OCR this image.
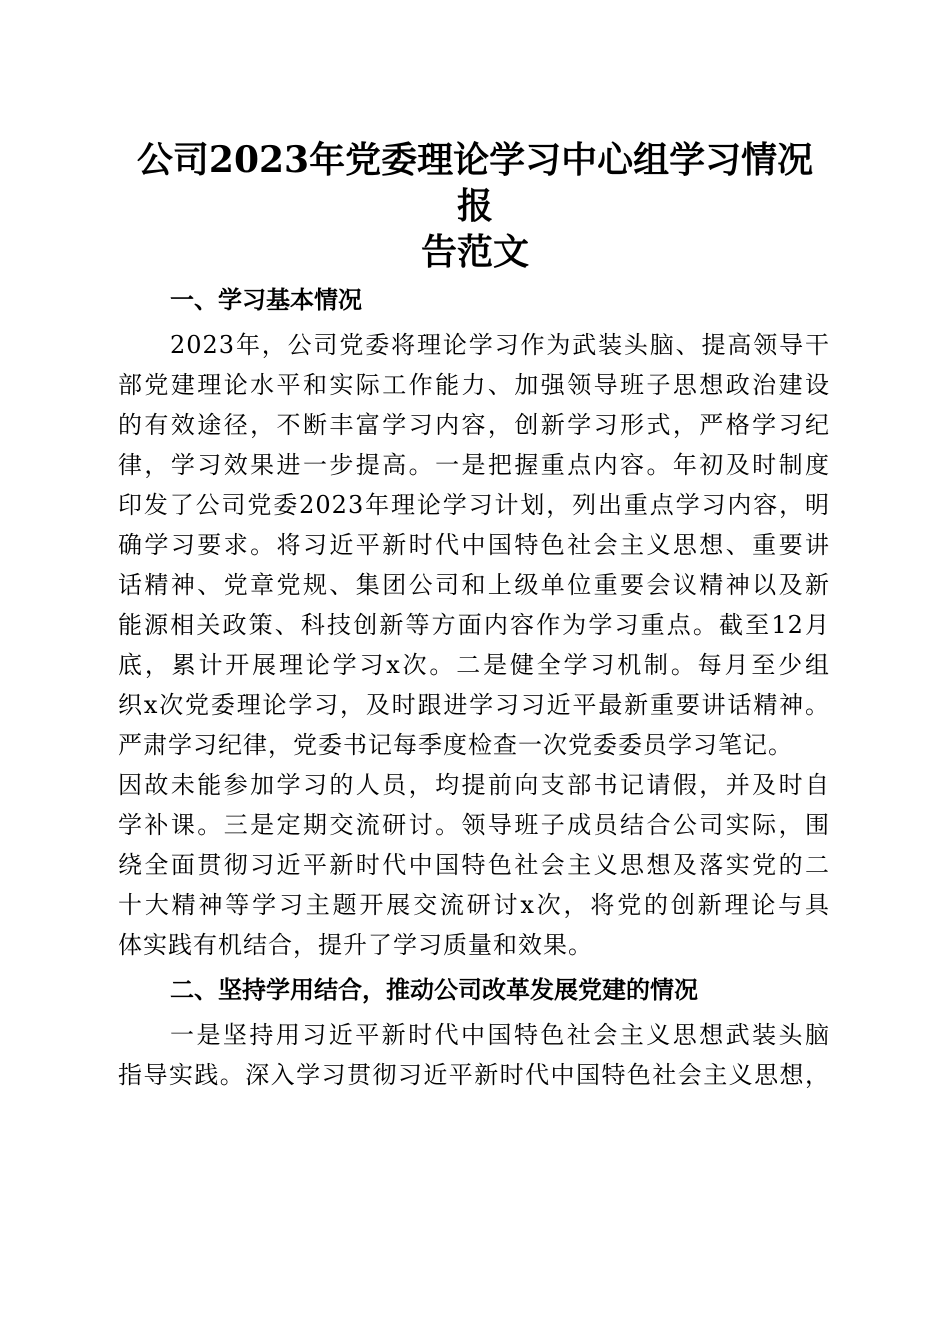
公司2023年党委理论学习中心组学习情况报
告范文
一、学习基本情况

2023年，公司党委将理论学习作为武装头脑、提高领导干

部党建理论水平和实际工作能力、加强领导班子思想政治建设

的有效途径，不断丰富学习内容，创新学习形式，严格学习纪

律，学习效果进一步提高。一是把握重点内容。年初及时制度

印发了公司党委2023年理论学习计划，列出重点学习内容，明

确学习要求。将习近平新时代中国特色社会主义思想、重要讲

话精神、党章党规、集团公司和上级单位重要会议精神以及新

能源相关政策、科技创新等方面内容作为学习重点。截至12月

底，累计开展理论学习x次。二是健全学习机制。每月至少组

织x次党委理论学习，及时跟进学习习近平最新重要讲话精神。

严肃学习纪律，党委书记每季度检查一次党委委员学习笔记。

因故未能参加学习的人员，均提前向支部书记请假，并及时自

学补课。三是定期交流研讨。领导班子成员结合公司实际，围

绕全面贯彻习近平新时代中国特色社会主义思想及落实党的二

十大精神等学习主题开展交流研讨x次，将党的创新理论与具

体实践有机结合，提升了学习质量和效果。

二、坚持学用结合，推动公司改革发展党建的情况

一是坚持用习近平新时代中国特色社会主义思想武装头脑

指导实践。深入学习贯彻习近平新时代中国特色社会主义思想，
